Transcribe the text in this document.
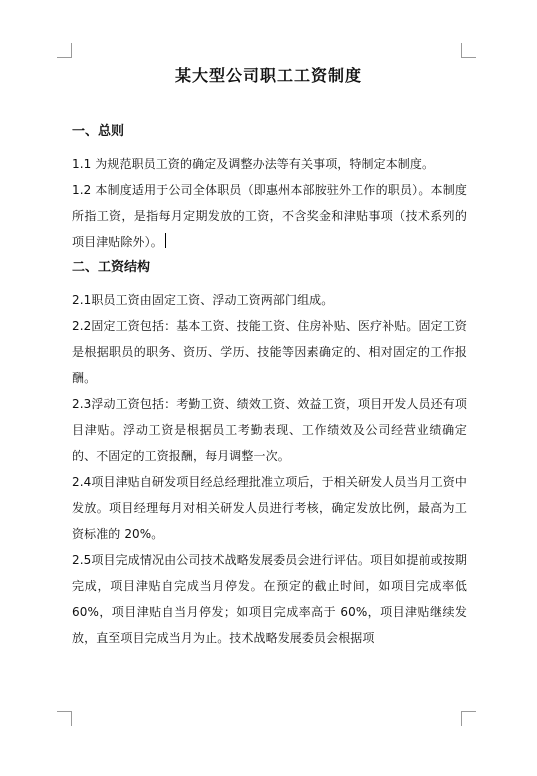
某大型公司职工工资制度
一、总则

1.1 为规范职员工资的确定及调整办法等有关事项，特制定本制度。

1.2 本制度适用于公司全体职员（即惠州本部胺驻外工作的职员）。本制度所指工资，是指每月定期发放的工资，不含奖金和津贴事项（技术系列的项目津贴除外）。

二、工资结构

2.1职员工资由固定工资、浮动工资两部门组成。

2.2固定工资包括：基本工资、技能工资、住房补贴、医疗补贴。固定工资是根据职员的职务、资历、学历、技能等因素确定的、相对固定的工作报酬。

2.3浮动工资包括：考勤工资、绩效工资、效益工资，项目开发人员还有项目津贴。浮动工资是根据员工考勤表现、工作绩效及公司经营业绩确定的、不固定的工资报酬，每月调整一次。

2.4项目津贴自研发项目经总经理批准立项后，于相关研发人员当月工资中发放。项目经理每月对相关研发人员进行考核，确定发放比例，最高为工资标准的 20%。

2.5项目完成情况由公司技术战略发展委员会进行评估。项目如提前或按期完成，项目津贴自完成当月停发。在预定的截止时间，如项目完成率低 60%，项目津贴自当月停发；如项目完成率高于 60%，项目津贴继续发放，直至项目完成当月为止。技术战略发展委员会根据项
